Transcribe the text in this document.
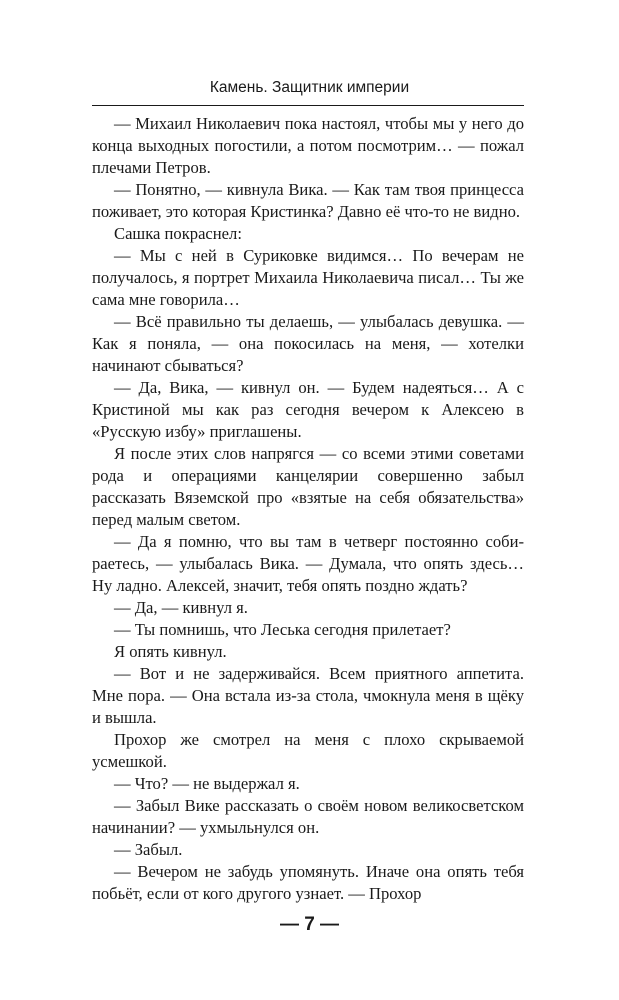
Камень. Защитник империи

— Михаил Николаевич пока настоял, чтобы мы у него до конца выходных погостили, а потом посмотрим… — пожал плечами Петров.

— Понятно, — кивнула Вика. — Как там твоя принцесса поживает, это которая Кристинка? Давно её что-то не видно.

Сашка покраснел:

— Мы с ней в Суриковке видимся… По вечерам не получалось, я портрет Михаила Николаевича писал… Ты же сама мне говорила…

— Всё правильно ты делаешь, — улыбалась девушка. — Как я поняла, — она покосилась на меня, — хотелки начинают сбываться?

— Да, Вика, — кивнул он. — Будем надеяться… А с Кристиной мы как раз сегодня вечером к Алексею в «Русскую избу» приглашены.

Я после этих слов напрягся — со всеми этими советами рода и операциями канцелярии совершенно забыл рассказать Вяземской про «взятые на себя обязательства» перед малым светом.

— Да я помню, что вы там в четверг постоянно собираетесь, — улыбалась Вика. — Думала, что опять здесь… Ну ладно. Алексей, значит, тебя опять поздно ждать?

— Да, — кивнул я.

— Ты помнишь, что Леська сегодня прилетает?

Я опять кивнул.

— Вот и не задерживайся. Всем приятного аппетита. Мне пора. — Она встала из-за стола, чмокнула меня в щёку и вышла.

Прохор же смотрел на меня с плохо скрываемой усмешкой.

— Что? — не выдержал я.

— Забыл Вике рассказать о своём новом великосветском начинании? — ухмыльнулся он.

— Забыл.

— Вечером не забудь упомянуть. Иначе она опять тебя побьёт, если от кого другого узнает. — Прохор

— 7 —
